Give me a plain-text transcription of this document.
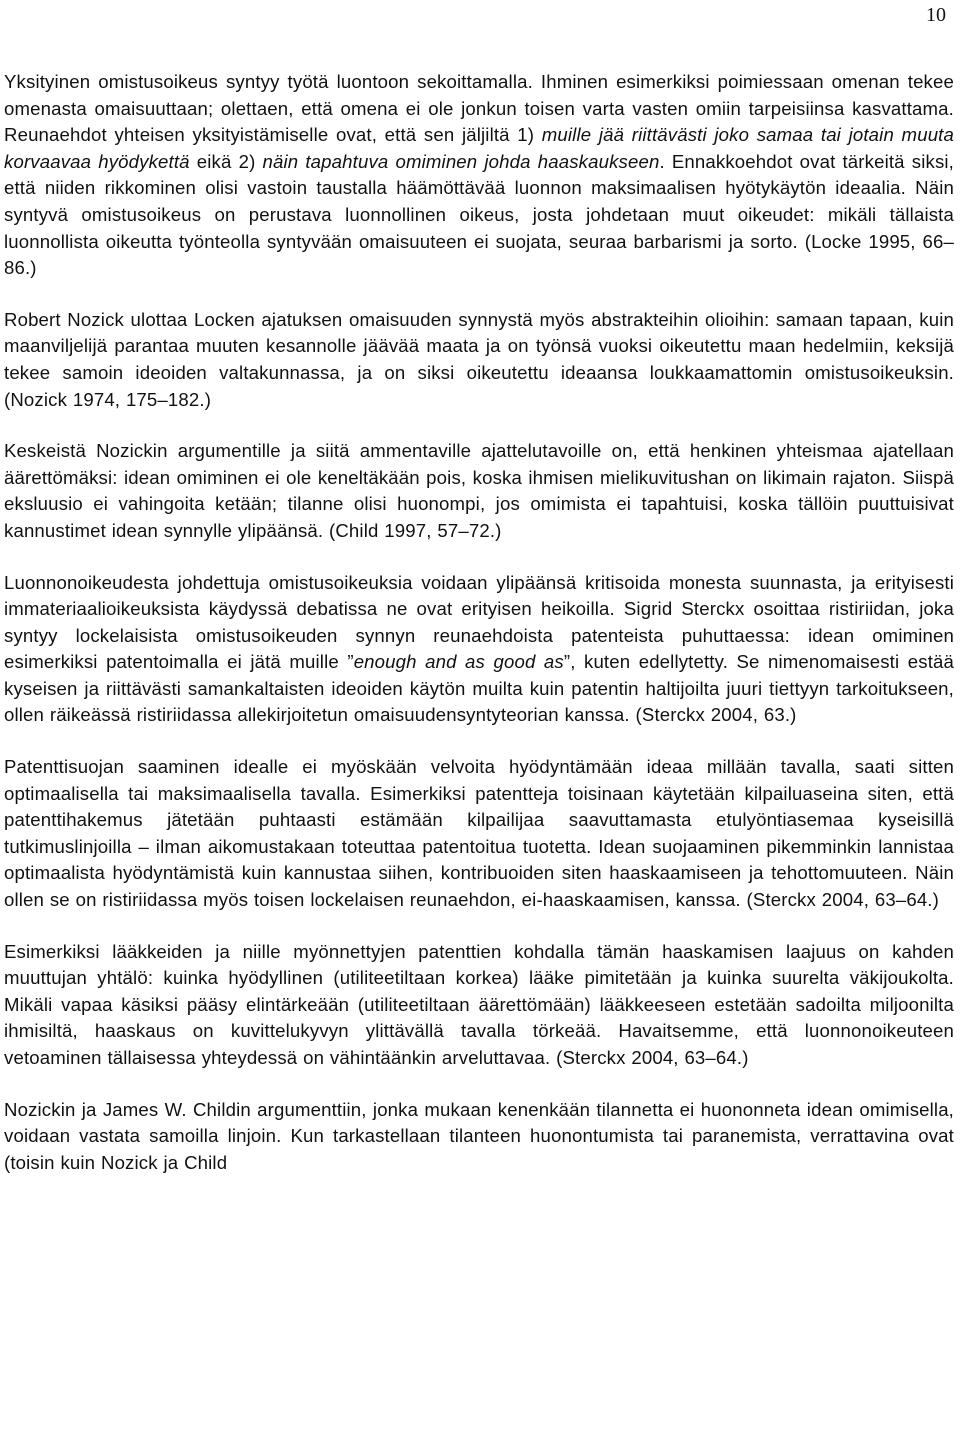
10

Yksityinen omistusoikeus syntyy työtä luontoon sekoittamalla. Ihminen esimerkiksi poimiessaan omenan tekee omenasta omaisuuttaan; olettaen, että omena ei ole jonkun toisen varta vasten omiin tarpeisiinsa kasvattama. Reunaehdot yhteisen yksityistämiselle ovat, että sen jäljiltä 1) muille jää riittävästi joko samaa tai jotain muuta korvaavaa hyödykettä eikä 2) näin tapahtuva omiminen johda haaskaukseen. Ennakkoehdot ovat tärkeitä siksi, että niiden rikkominen olisi vastoin taustalla häämöttävää luonnon maksimaalisen hyötykäytön ideaalia. Näin syntyvä omistusoikeus on perustava luonnollinen oikeus, josta johdetaan muut oikeudet: mikäli tällaista luonnollista oikeutta työnteolla syntyvään omaisuuteen ei suojata, seuraa barbarismi ja sorto. (Locke 1995, 66–86.)

Robert Nozick ulottaa Locken ajatuksen omaisuuden synnystä myös abstrakteihin olioihin: samaan tapaan, kuin maanviljelijä parantaa muuten kesannolle jäävää maata ja on työnsä vuoksi oikeutettu maan hedelmiin, keksijä tekee samoin ideoiden valtakunnassa, ja on siksi oikeutettu ideaansa loukkaamattomin omistusoikeuksin. (Nozick 1974, 175–182.)

Keskeistä Nozickin argumentille ja siitä ammentaville ajattelutavoille on, että henkinen yhteismaa ajatellaan äärettömäksi: idean omiminen ei ole keneltäkään pois, koska ihmisen mielikuvitushan on likimain rajaton. Siispä eksluusio ei vahingoita ketään; tilanne olisi huonompi, jos omimista ei tapahtuisi, koska tällöin puuttuisivat kannustimet idean synnylle ylipäänsä. (Child 1997, 57–72.)

Luonnonoikeudesta johdettuja omistusoikeuksia voidaan ylipäänsä kritisoida monesta suunnasta, ja erityisesti immateriaalioikeuksista käydyssä debatissa ne ovat erityisen heikoilla. Sigrid Sterckx osoittaa ristiriidan, joka syntyy lockelaisista omistusoikeuden synnyn reunaehdoista patenteista puhuttaessa: idean omiminen esimerkiksi patentoimalla ei jätä muille ”enough and as good as”, kuten edellytetty. Se nimenomaisesti estää kyseisen ja riittävästi samankaltaisten ideoiden käytön muilta kuin patentin haltijoilta juuri tiettyyn tarkoitukseen, ollen räikeässä ristiriidassa allekirjoitetun omaisuudensyntyteorian kanssa. (Sterckx 2004, 63.)

Patenttisuojan saaminen idealle ei myöskään velvoita hyödyntämään ideaa millään tavalla, saati sitten optimaalisella tai maksimaalisella tavalla. Esimerkiksi patentteja toisinaan käytetään kilpailuaseina siten, että patenttihakemus jätetään puhtaasti estämään kilpailijaa saavuttamasta etulyöntiasemaa kyseisillä tutkimuslinjoilla – ilman aikomustakaan toteuttaa patentoitua tuotetta. Idean suojaaminen pikemminkin lannistaa optimaalista hyödyntämistä kuin kannustaa siihen, kontribuoiden siten haaskaamiseen ja tehottomuuteen. Näin ollen se on ristiriidassa myös toisen lockelaisen reunaehdon, ei-haaskaamisen, kanssa. (Sterckx 2004, 63–64.)

Esimerkiksi lääkkeiden ja niille myönnettyjen patenttien kohdalla tämän haaskamisen laajuus on kahden muuttujan yhtälö: kuinka hyödyllinen (utiliteetiltaan korkea) lääke pimitetään ja kuinka suurelta väkijoukolta. Mikäli vapaa käsiksi pääsy elintärkeään (utiliteetiltaan äärettömään) lääkkeeseen estetään sadoilta miljoonilta ihmisiltä, haaskaus on kuvittelukyvyn ylittävällä tavalla törkeää. Havaitsemme, että luonnonoikeuteen vetoaminen tällaisessa yhteydessä on vähintäänkin arveluttavaa. (Sterckx 2004, 63–64.)

Nozickin ja James W. Childin argumenttiin, jonka mukaan kenenkään tilannetta ei huononneta idean omimisella, voidaan vastata samoilla linjoin. Kun tarkastellaan tilanteen huonontumista tai paranemista, verrattavina ovat (toisin kuin Nozick ja Child
